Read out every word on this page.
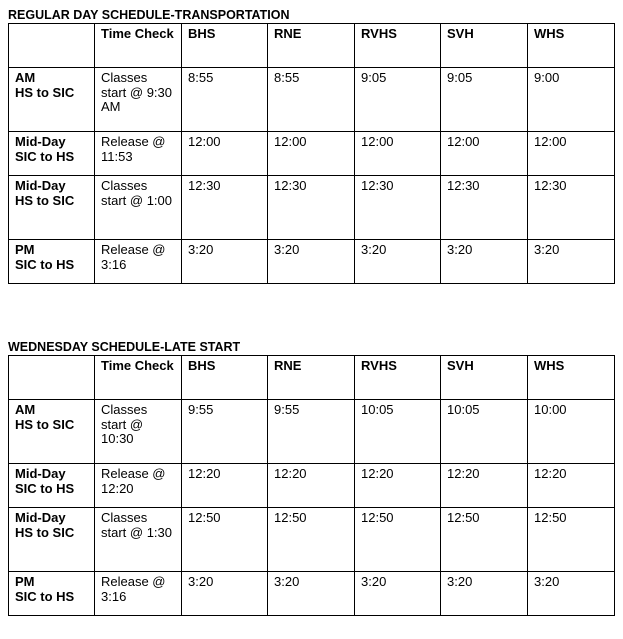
REGULAR DAY SCHEDULE-TRANSPORTATION
	Time Check	BHS	RNE	RVHS	SVH	WHS
AM
HS to SIC	Classes start @ 9:30 AM	8:55	8:55	9:05	9:05	9:00
Mid-Day
SIC to HS	Release @ 11:53	12:00	12:00	12:00	12:00	12:00
Mid-Day
HS to SIC	Classes start @ 1:00	12:30	12:30	12:30	12:30	12:30
PM
SIC to HS	Release @ 3:16	3:20	3:20	3:20	3:20	3:20
WEDNESDAY SCHEDULE-LATE START
	Time Check	BHS	RNE	RVHS	SVH	WHS
AM
HS to SIC	Classes start @ 10:30	9:55	9:55	10:05	10:05	10:00
Mid-Day
SIC to HS	Release @ 12:20	12:20	12:20	12:20	12:20	12:20
Mid-Day
HS to SIC	Classes start @ 1:30	12:50	12:50	12:50	12:50	12:50
PM
SIC to HS	Release @ 3:16	3:20	3:20	3:20	3:20	3:20
